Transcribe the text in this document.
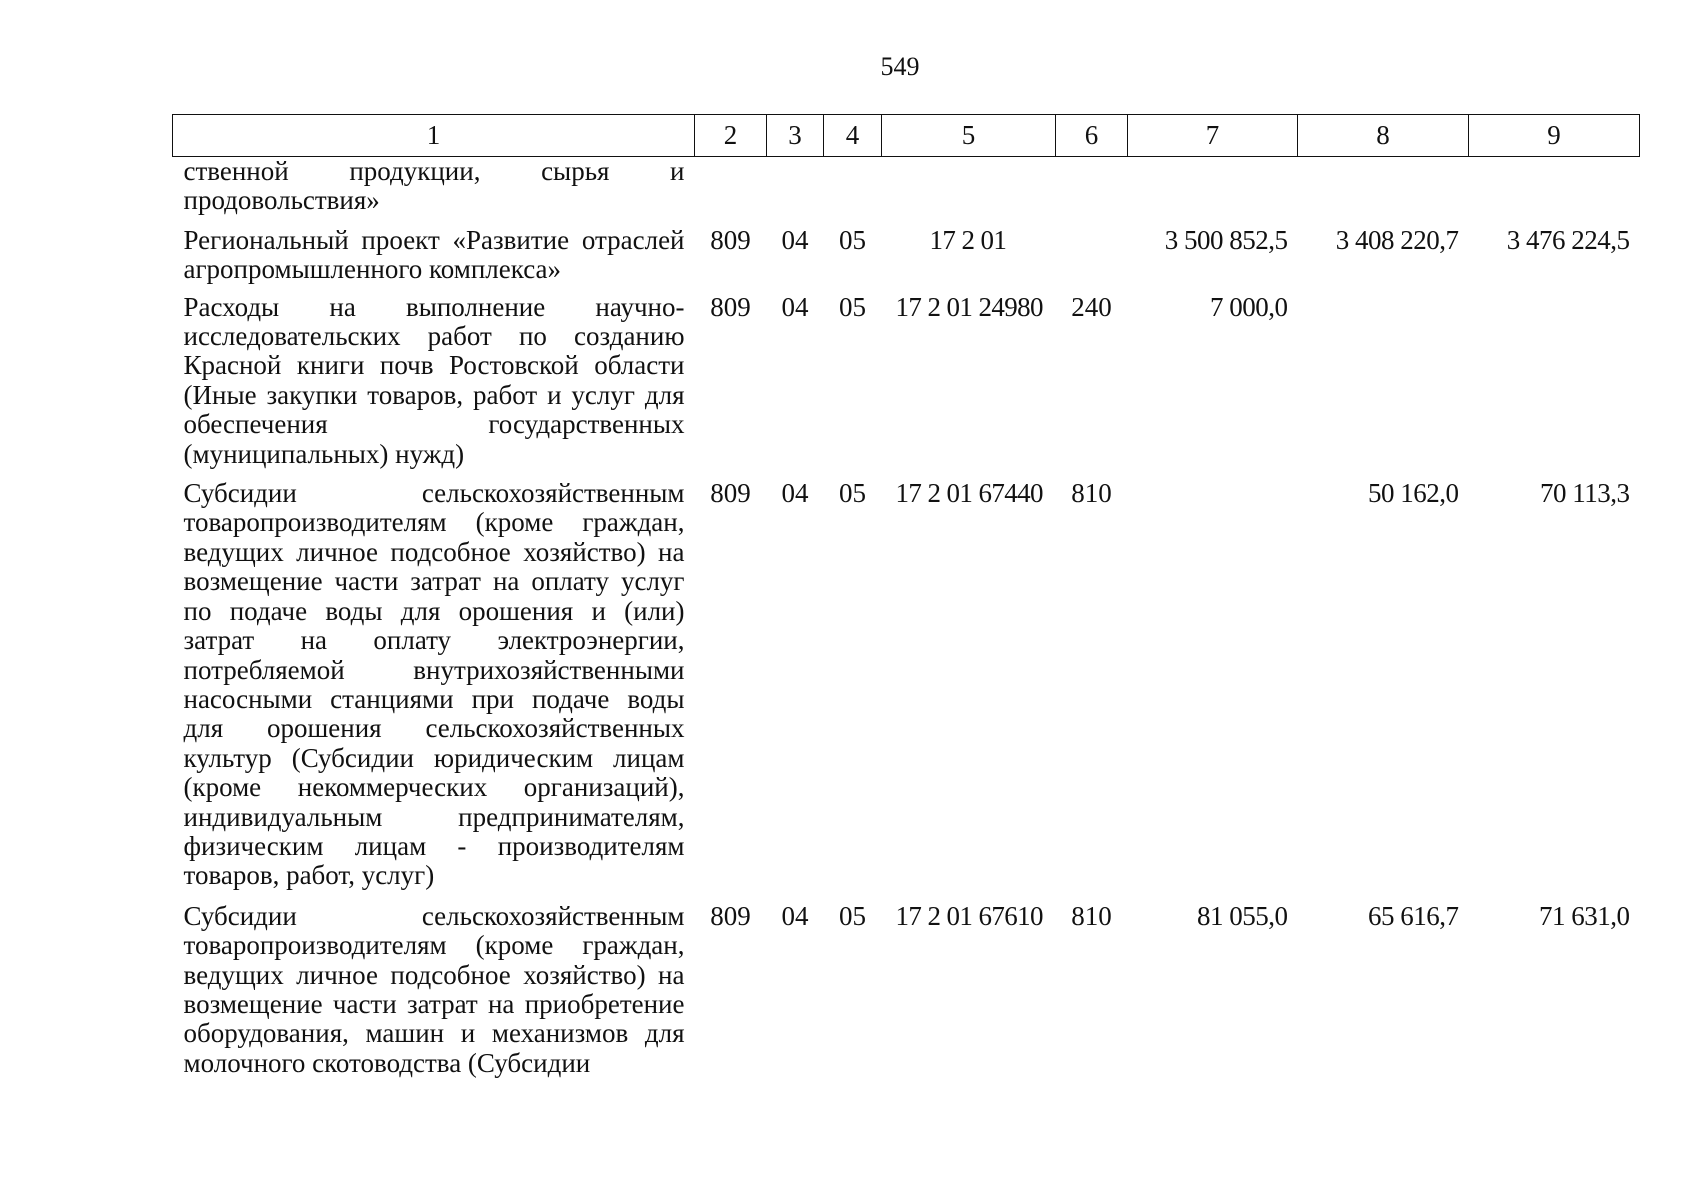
549
1	2	3	4	5	6	7	8	9
ственной продукции, сырья и продовольствия»								
Региональный проект «Развитие отраслей агропромышленного комплекса»	809	04	05	17 2 01		3 500 852,5	3 408 220,7	3 476 224,5
Расходы на выполнение научно-исследовательских работ по созданию Красной книги почв Ростовской области (Иные закупки товаров, работ и услуг для обеспечения государственных (муниципальных) нужд)	809	04	05	17 2 01 24980	240	7 000,0		
Субсидии сельскохозяйственным товаропроизводителям (кроме граждан, ведущих личное подсобное хозяйство) на возмещение части затрат на оплату услуг по подаче воды для орошения и (или) затрат на оплату электроэнергии, потребляемой внутрихозяйственными насосными станциями при подаче воды для орошения сельскохозяйственных культур (Субсидии юридическим лицам (кроме некоммерческих организаций), индивидуальным предпринимателям, физическим лицам - производителям товаров, работ, услуг)	809	04	05	17 2 01 67440	810		50 162,0	70 113,3
Субсидии сельскохозяйственным товаропроизводителям (кроме граждан, ведущих личное подсобное хозяйство) на возмещение части затрат на приобретение оборудования, машин и механизмов для молочного скотоводства (Субсидии	809	04	05	17 2 01 67610	810	81 055,0	65 616,7	71 631,0
